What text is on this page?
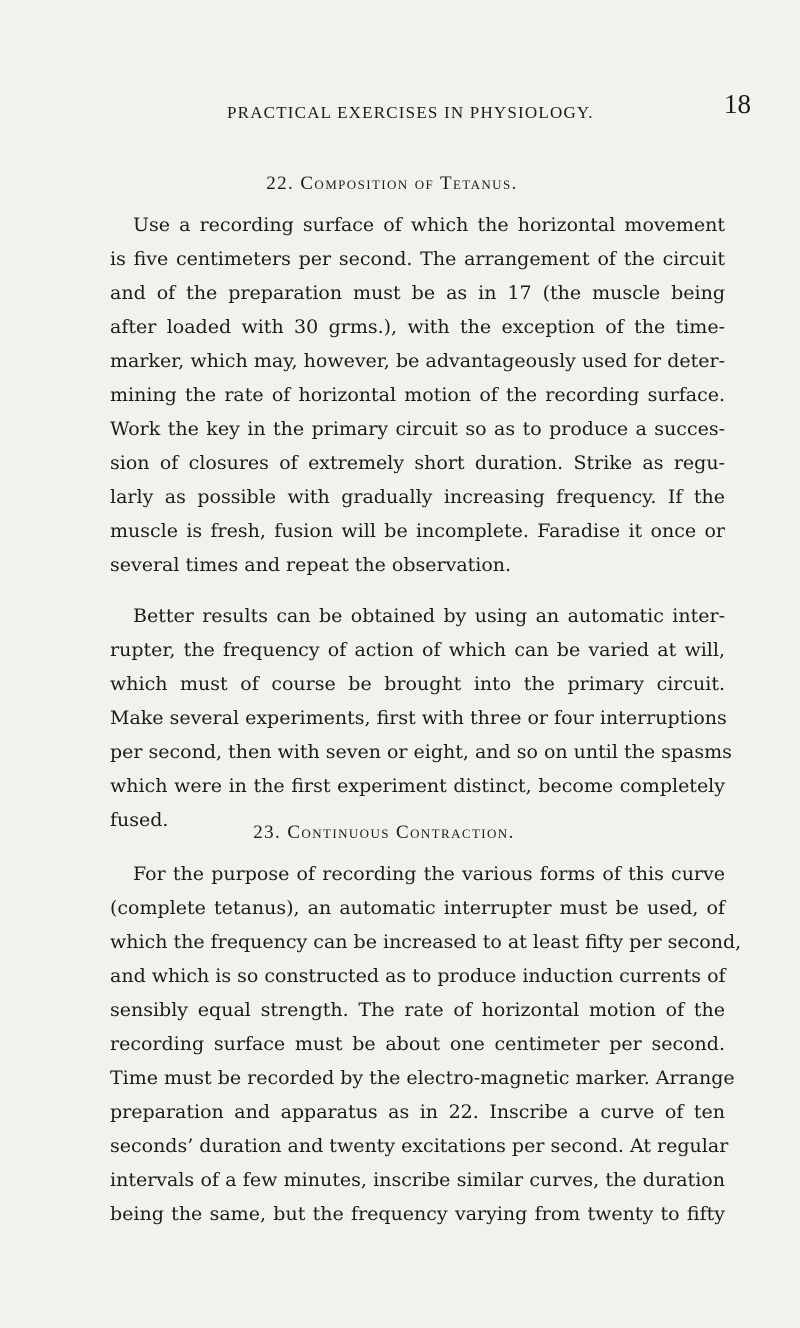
PRACTICAL EXERCISES IN PHYSIOLOGY.	18
22. Composition of Tetanus.
Use a recording surface of which the horizontal movement
is five centimeters per second. The arrangement of the circuit
and of the preparation must be as in 17 (the muscle being
after loaded with 30 grms.), with the exception of the time-
marker, which may, however, be advantageously used for deter-
mining the rate of horizontal motion of the recording surface.
Work the key in the primary circuit so as to produce a succes-
sion of closures of extremely short duration. Strike as regu-
larly as possible with gradually increasing frequency. If the
muscle is fresh, fusion will be incomplete. Faradise it once or
several times and repeat the observation.
Better results can be obtained by using an automatic inter-
rupter, the frequency of action of which can be varied at will,
which must of course be brought into the primary circuit.
Make several experiments, first with three or four interruptions
per second, then with seven or eight, and so on until the spasms
which were in the first experiment distinct, become completely
fused.
23. Continuous Contraction.
For the purpose of recording the various forms of this curve
(complete tetanus), an automatic interrupter must be used, of
which the frequency can be increased to at least fifty per second,
and which is so constructed as to produce induction currents of
sensibly equal strength. The rate of horizontal motion of the
recording surface must be about one centimeter per second.
Time must be recorded by the electro-magnetic marker. Arrange
preparation and apparatus as in 22. Inscribe a curve of ten
seconds’ duration and twenty excitations per second. At regular
intervals of a few minutes, inscribe similar curves, the duration
being the same, but the frequency varying from twenty to fifty
